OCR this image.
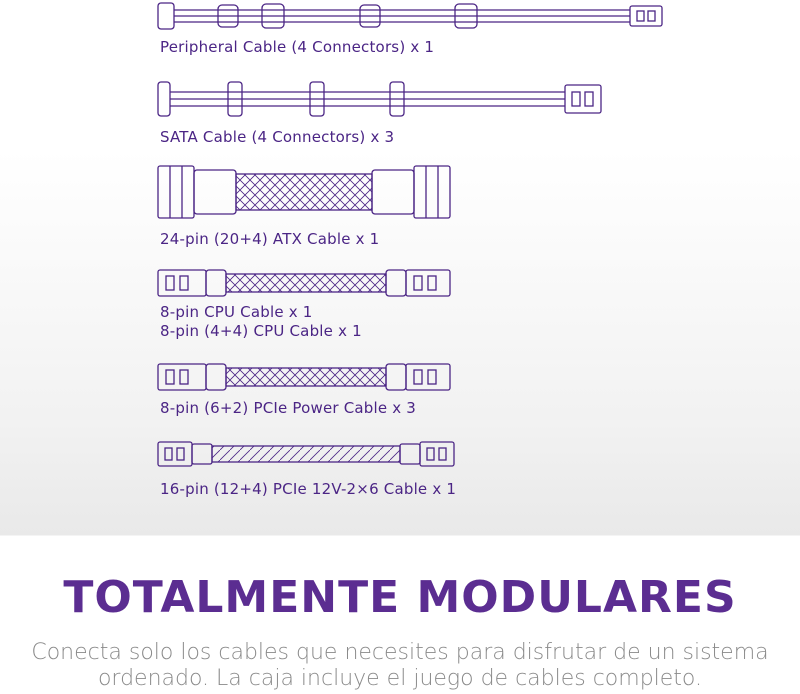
Peripheral Cable (4 Connectors) x 1
SATA Cable (4 Connectors) x 3
24-pin (20+4) ATX Cable x 1
8-pin CPU Cable x 1
8-pin (4+4) CPU Cable x 1
8-pin (6+2) PCIe Power Cable x 3
16-pin (12+4) PCIe 12V-2×6 Cable x 1
TOTALMENTE MODULARES
Conecta solo los cables que necesites para disfrutar de un sistema
ordenado. La caja incluye el juego de cables completo.
